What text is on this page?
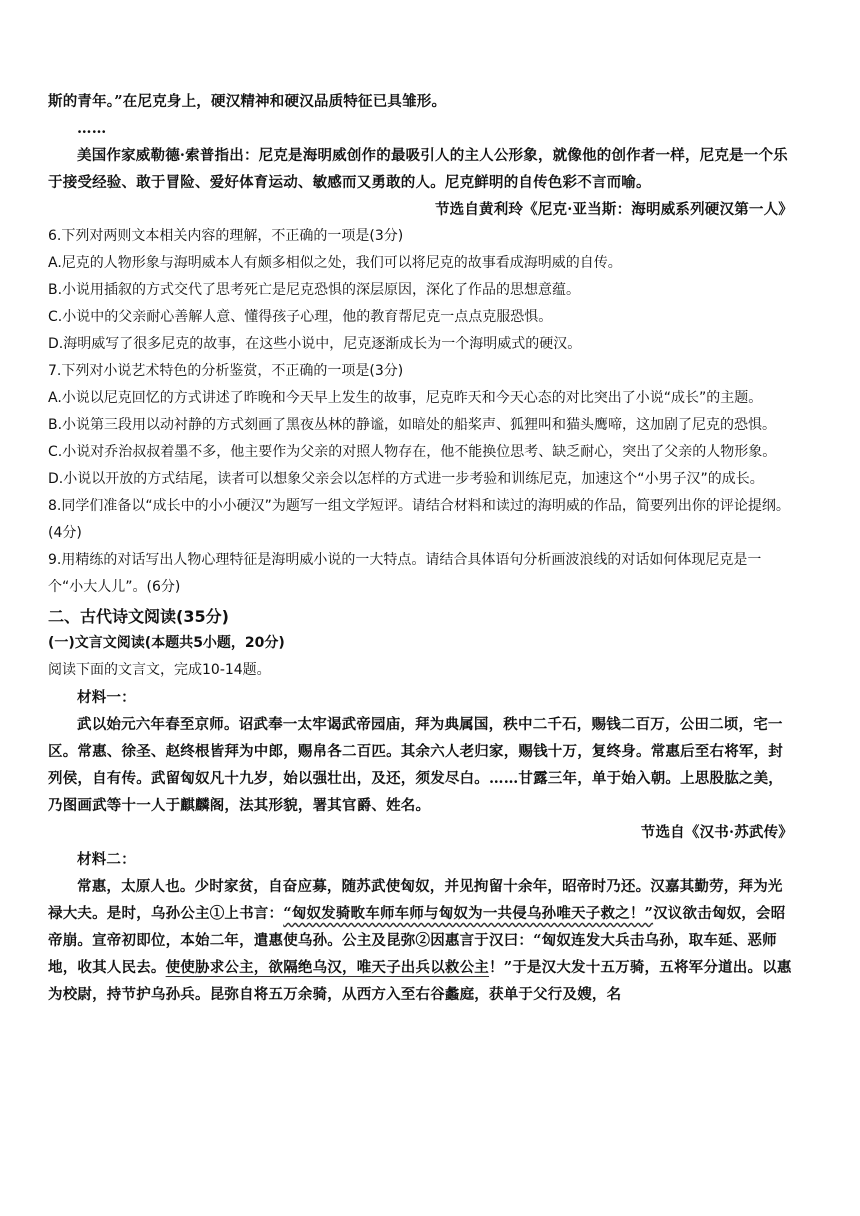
斯的青年。”在尼克身上，硬汉精神和硬汉品质特征已具雏形。

……

美国作家威勒德·索普指出：尼克是海明威创作的最吸引人的主人公形象，就像他的创作者一样，尼克是一个乐于接受经验、敢于冒险、爱好体育运动、敏感而又勇敢的人。尼克鲜明的自传色彩不言而喻。

节选自黄利玲《尼克·亚当斯：海明威系列硬汉第一人》

6.下列对两则文本相关内容的理解，不正确的一项是(3分)

A.尼克的人物形象与海明威本人有颇多相似之处，我们可以将尼克的故事看成海明威的自传。

B.小说用插叙的方式交代了思考死亡是尼克恐惧的深层原因，深化了作品的思想意蕴。

C.小说中的父亲耐心善解人意、懂得孩子心理，他的教育帮尼克一点点克服恐惧。

D.海明威写了很多尼克的故事，在这些小说中，尼克逐渐成长为一个海明威式的硬汉。

7.下列对小说艺术特色的分析鉴赏，不正确的一项是(3分)

A.小说以尼克回忆的方式讲述了昨晚和今天早上发生的故事，尼克昨天和今天心态的对比突出了小说“成长”的主题。

B.小说第三段用以动衬静的方式刻画了黑夜丛林的静谧，如暗处的船桨声、狐狸叫和猫头鹰啼，这加剧了尼克的恐惧。

C.小说对乔治叔叔着墨不多，他主要作为父亲的对照人物存在，他不能换位思考、缺乏耐心，突出了父亲的人物形象。

D.小说以开放的方式结尾，读者可以想象父亲会以怎样的方式进一步考验和训练尼克，加速这个“小男子汉”的成长。

8.同学们准备以“成长中的小小硬汉”为题写一组文学短评。请结合材料和读过的海明威的作品，简要列出你的评论提纲。(4分)

9.用精练的对话写出人物心理特征是海明威小说的一大特点。请结合具体语句分析画波浪线的对话如何体现尼克是一个“小大人儿”。(6分)

二、古代诗文阅读(35分)

(一)文言文阅读(本题共5小题，20分)

阅读下面的文言文，完成10-14题。

材料一：

武以始元六年春至京师。诏武奉一太牢谒武帝园庙，拜为典属国，秩中二千石，赐钱二百万，公田二顷，宅一区。常惠、徐圣、赵终根皆拜为中郎，赐帛各二百匹。其余六人老归家，赐钱十万，复终身。常惠后至右将军，封列侯，自有传。武留匈奴凡十九岁，始以强壮出，及还，须发尽白。……甘露三年，单于始入朝。上思股肱之美，乃图画武等十一人于麒麟阁，法其形貌，署其官爵、姓名。

节选自《汉书·苏武传》

材料二：

常惠，太原人也。少时家贫，自奋应募，随苏武使匈奴，并见拘留十余年，昭帝时乃还。汉嘉其勤劳，拜为光禄大夫。是时，乌孙公主①上书言：“匈奴发骑畋车师车师与匈奴为一共侵乌孙唯天子救之！”汉议欲击匈奴，会昭帝崩。宣帝初即位，本始二年，遣惠使乌孙。公主及昆弥②因惠言于汉曰：“匈奴连发大兵击乌孙，取车延、恶师地，收其人民去。使使胁求公主，欲隔绝乌汉，唯天子出兵以救公主！”于是汉大发十五万骑，五将军分道出。以惠为校尉，持节护乌孙兵。昆弥自将五万余骑，从西方入至右谷蠡庭，获单于父行及嫂，名
